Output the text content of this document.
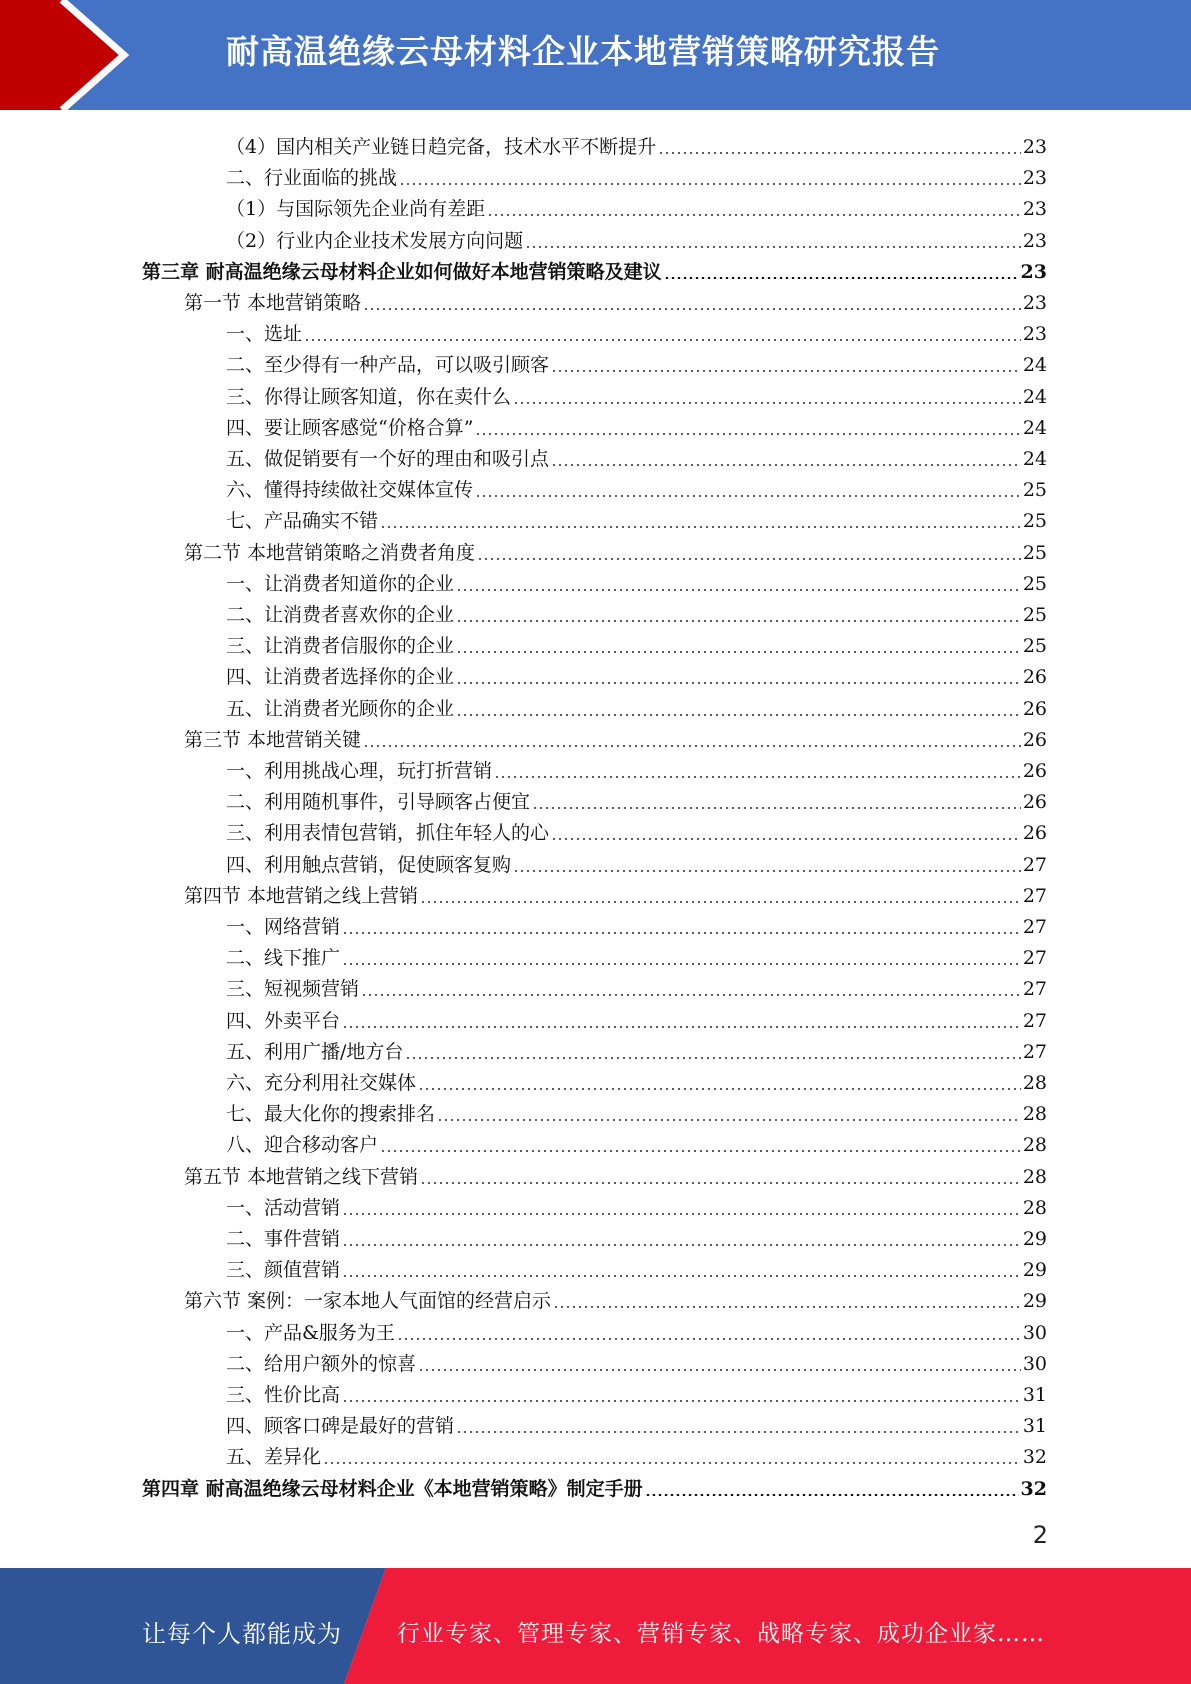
耐高温绝缘云母材料企业本地营销策略研究报告
（4）国内相关产业链日趋完备，技术水平不断提升	23
二、行业面临的挑战	23
（1）与国际领先企业尚有差距	23
（2）行业内企业技术发展方向问题	23
第三章 耐高温绝缘云母材料企业如何做好本地营销策略及建议	23
第一节 本地营销策略	23
一、选址	23
二、至少得有一种产品，可以吸引顾客	24
三、你得让顾客知道，你在卖什么	24
四、要让顾客感觉“价格合算”	24
五、做促销要有一个好的理由和吸引点	24
六、懂得持续做社交媒体宣传	25
七、产品确实不错	25
第二节 本地营销策略之消费者角度	25
一、让消费者知道你的企业	25
二、让消费者喜欢你的企业	25
三、让消费者信服你的企业	25
四、让消费者选择你的企业	26
五、让消费者光顾你的企业	26
第三节 本地营销关键	26
一、利用挑战心理，玩打折营销	26
二、利用随机事件，引导顾客占便宜	26
三、利用表情包营销，抓住年轻人的心	26
四、利用触点营销，促使顾客复购	27
第四节 本地营销之线上营销	27
一、网络营销	27
二、线下推广	27
三、短视频营销	27
四、外卖平台	27
五、利用广播/地方台	27
六、充分利用社交媒体	28
七、最大化你的搜索排名	28
八、迎合移动客户	28
第五节 本地营销之线下营销	28
一、活动营销	28
二、事件营销	29
三、颜值营销	29
第六节 案例：一家本地人气面馆的经营启示	29
一、产品&服务为王	30
二、给用户额外的惊喜	30
三、性价比高	31
四、顾客口碑是最好的营销	31
五、差异化	32
第四章 耐高温绝缘云母材料企业《本地营销策略》制定手册	32
2
让每个人都能成为 行业专家、管理专家、营销专家、战略专家、成功企业家……
